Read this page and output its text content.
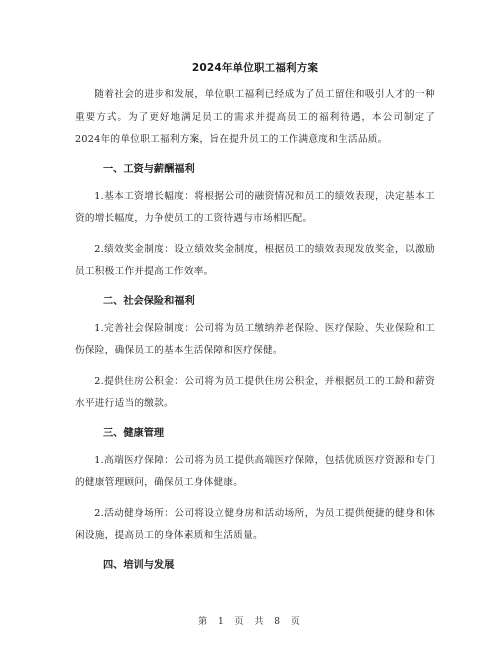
2024年单位职工福利方案

随着社会的进步和发展，单位职工福利已经成为了员工留住和吸引人才的一种重要方式。为了更好地满足员工的需求并提高员工的福利待遇，本公司制定了2024年的单位职工福利方案，旨在提升员工的工作满意度和生活品质。

一、工资与薪酬福利

1.基本工资增长幅度：将根据公司的融资情况和员工的绩效表现，决定基本工资的增长幅度，力争使员工的工资待遇与市场相匹配。

2.绩效奖金制度：设立绩效奖金制度，根据员工的绩效表现发放奖金，以激励员工积极工作并提高工作效率。

二、社会保险和福利

1.完善社会保险制度：公司将为员工缴纳养老保险、医疗保险、失业保险和工伤保险，确保员工的基本生活保障和医疗保健。

2.提供住房公积金：公司将为员工提供住房公积金，并根据员工的工龄和薪资水平进行适当的缴款。

三、健康管理

1.高端医疗保障：公司将为员工提供高端医疗保障，包括优质医疗资源和专门的健康管理顾问，确保员工身体健康。

2.活动健身场所：公司将设立健身房和活动场所，为员工提供便捷的健身和休闲设施，提高员工的身体素质和生活质量。

四、培训与发展
第 1 页 共 8 页
